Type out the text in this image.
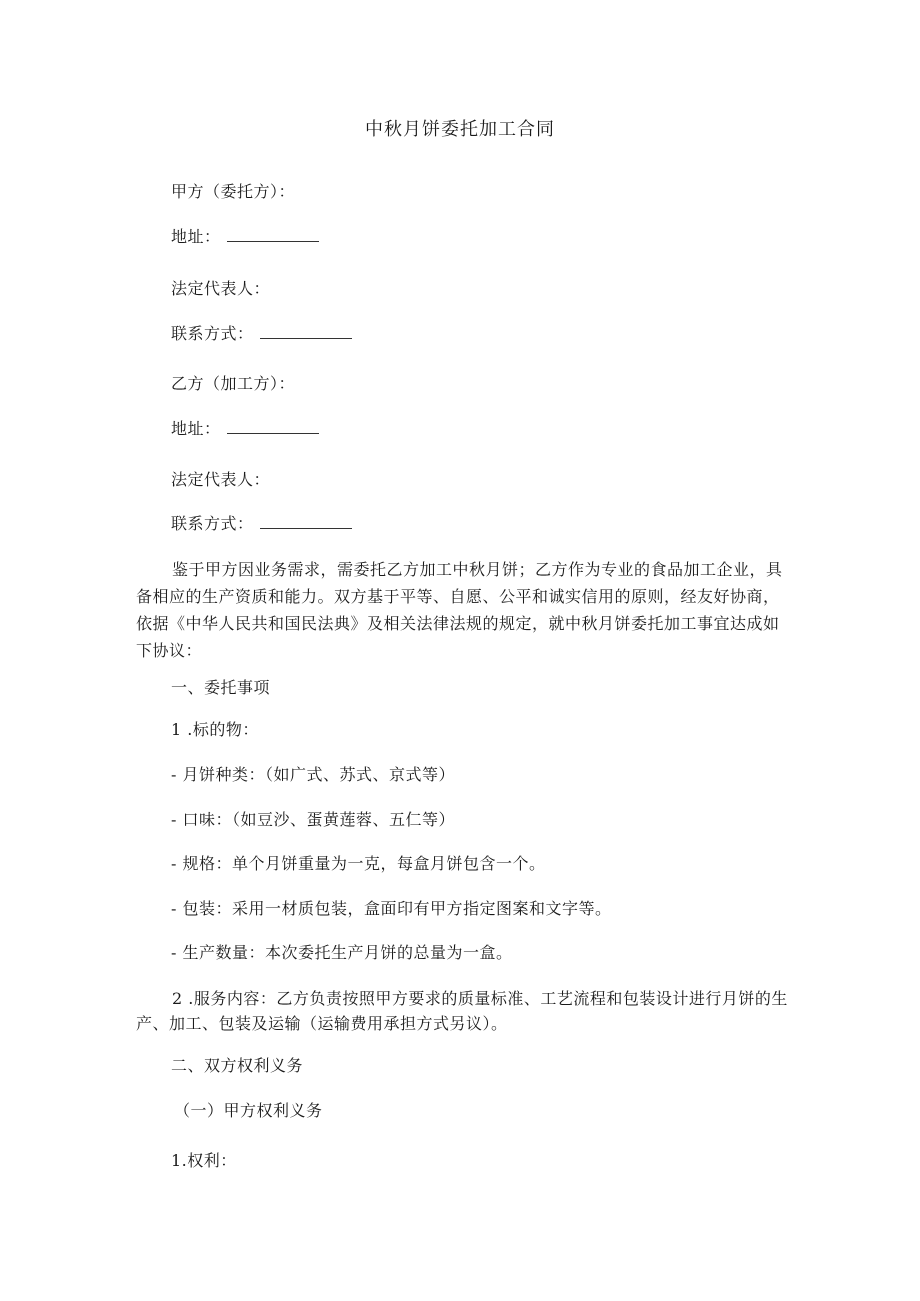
中秋月饼委托加工合同
甲方（委托方）：
地址：
法定代表人：
联系方式：
乙方（加工方）：
地址：
法定代表人：
联系方式：
鉴于甲方因业务需求，需委托乙方加工中秋月饼；乙方作为专业的食品加工企业，具备相应的生产资质和能力。双方基于平等、自愿、公平和诚实信用的原则，经友好协商，依据《中华人民共和国民法典》及相关法律法规的规定，就中秋月饼委托加工事宜达成如下协议：
一、委托事项
1 .标的物：
- 月饼种类：（如广式、苏式、京式等）
- 口味：（如豆沙、蛋黄莲蓉、五仁等）
- 规格：单个月饼重量为一克，每盒月饼包含一个。
- 包装：采用一材质包装，盒面印有甲方指定图案和文字等。
- 生产数量：本次委托生产月饼的总量为一盒。
2 .服务内容：乙方负责按照甲方要求的质量标准、工艺流程和包装设计进行月饼的生产、加工、包装及运输（运输费用承担方式另议）。
二、双方权利义务
（一）甲方权利义务
1.权利：
